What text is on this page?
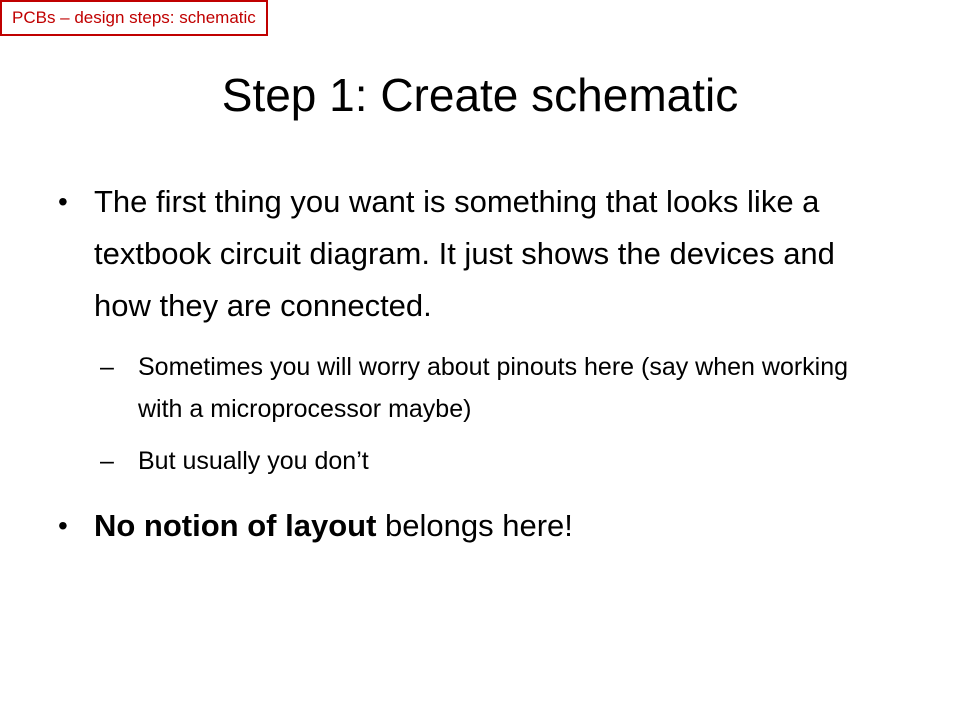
PCBs – design steps: schematic
Step 1: Create schematic
• The first thing you want is something that looks like a textbook circuit diagram. It just shows the devices and how they are connected.
– Sometimes you will worry about pinouts here (say when working with a microprocessor maybe)
– But usually you don’t
• No notion of layout belongs here!
